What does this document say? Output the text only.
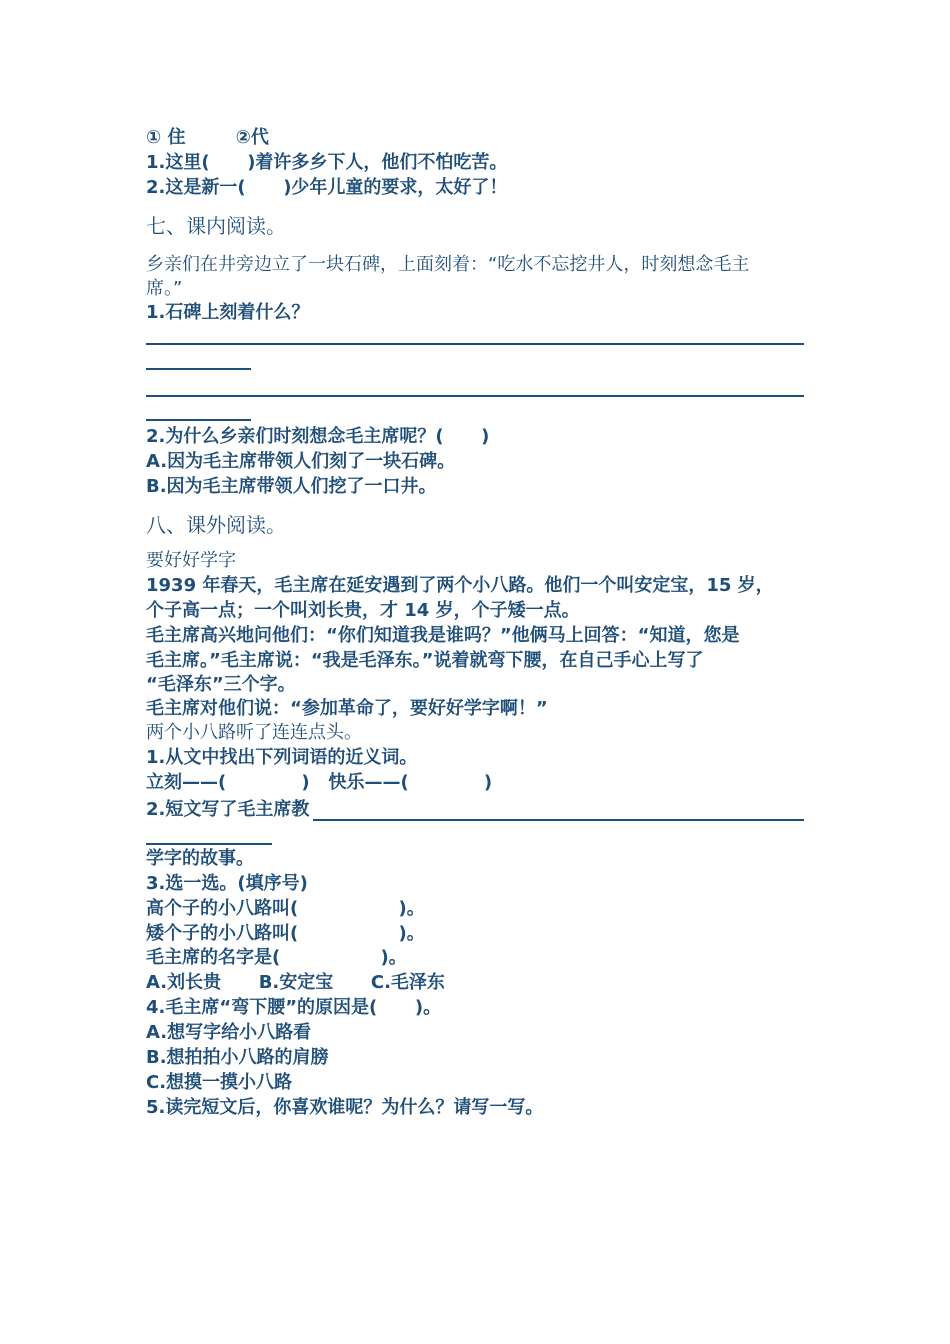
① 住        ②代
1.这里(      )着许多乡下人，他们不怕吃苦。
2.这是新一(      )少年儿童的要求，太好了！
七、课内阅读。
乡亲们在井旁边立了一块石碑，上面刻着：“吃水不忘挖井人，时刻想念毛主
席。”
1.石碑上刻着什么？
2.为什么乡亲们时刻想念毛主席呢？(      )
A.因为毛主席带领人们刻了一块石碑。
B.因为毛主席带领人们挖了一口井。
八、课外阅读。
要好好学字
1939 年春天，毛主席在延安遇到了两个小八路。他们一个叫安定宝，15 岁，
个子高一点；一个叫刘长贵，才 14 岁，个子矮一点。
毛主席高兴地问他们：“你们知道我是谁吗？”他俩马上回答：“知道，您是
毛主席。”毛主席说：“我是毛泽东。”说着就弯下腰，在自己手心上写了
“毛泽东”三个字。
毛主席对他们说：“参加革命了，要好好学字啊！”
两个小八路听了连连点头。
1.从文中找出下列词语的近义词。
立刻——(            )   快乐——(            )
2.短文写了毛主席教
学字的故事。
3.选一选。(填序号)
高个子的小八路叫(                )。
矮个子的小八路叫(                )。
毛主席的名字是(                )。
A.刘长贵      B.安定宝      C.毛泽东
4.毛主席“弯下腰”的原因是(      )。
A.想写字给小八路看
B.想拍拍小八路的肩膀
C.想摸一摸小八路
5.读完短文后，你喜欢谁呢？为什么？请写一写。
